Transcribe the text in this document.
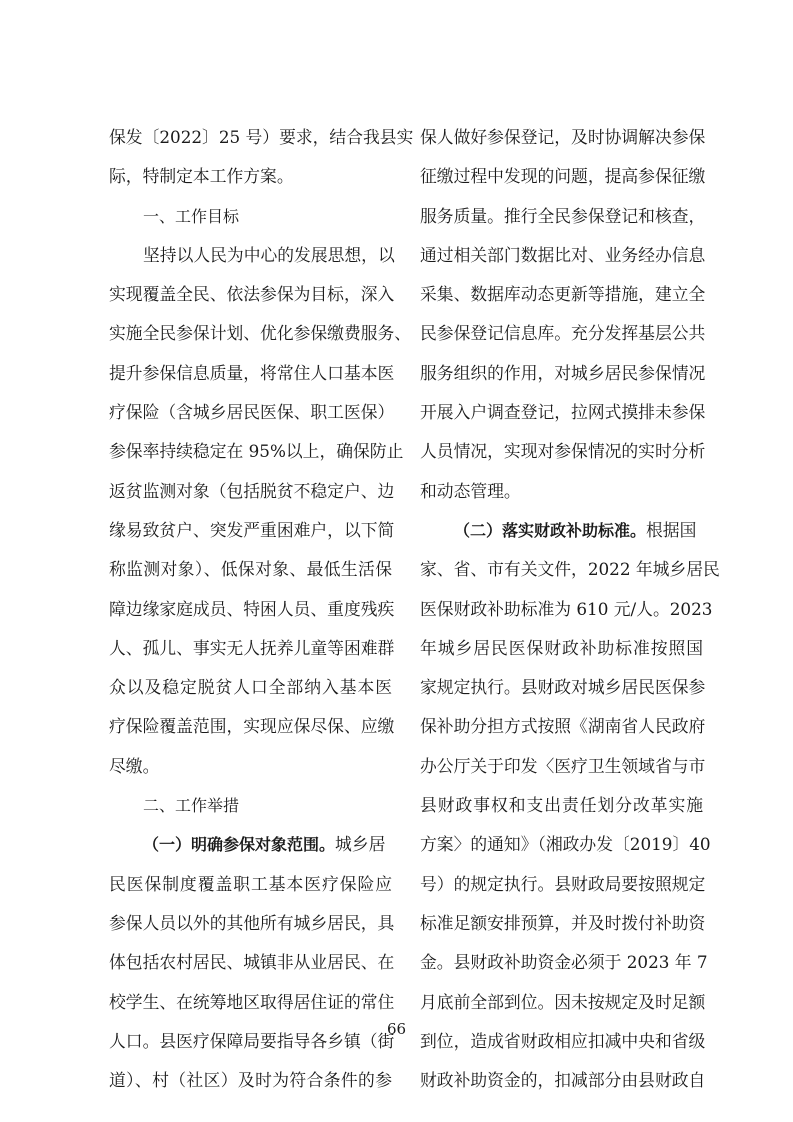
保发〔2022〕25 号）要求，结合我县实
际，特制定本工作方案。
一、工作目标
坚持以人民为中心的发展思想，以
实现覆盖全民、依法参保为目标，深入
实施全民参保计划、优化参保缴费服务、
提升参保信息质量，将常住人口基本医
疗保险（含城乡居民医保、职工医保）
参保率持续稳定在 95%以上，确保防止
返贫监测对象（包括脱贫不稳定户、边
缘易致贫户、突发严重困难户，以下简
称监测对象）、低保对象、最低生活保
障边缘家庭成员、特困人员、重度残疾
人、孤儿、事实无人抚养儿童等困难群
众以及稳定脱贫人口全部纳入基本医
疗保险覆盖范围，实现应保尽保、应缴
尽缴。
二、工作举措
（一）明确参保对象范围。城乡居
民医保制度覆盖职工基本医疗保险应
参保人员以外的其他所有城乡居民，具
体包括农村居民、城镇非从业居民、在
校学生、在统筹地区取得居住证的常住
人口。县医疗保障局要指导各乡镇（街
道）、村（社区）及时为符合条件的参
保人做好参保登记，及时协调解决参保
征缴过程中发现的问题，提高参保征缴
服务质量。推行全民参保登记和核查，
通过相关部门数据比对、业务经办信息
采集、数据库动态更新等措施，建立全
民参保登记信息库。充分发挥基层公共
服务组织的作用，对城乡居民参保情况
开展入户调查登记，拉网式摸排未参保
人员情况，实现对参保情况的实时分析
和动态管理。
（二）落实财政补助标准。根据国
家、省、市有关文件，2022 年城乡居民
医保财政补助标准为 610 元/人。2023
年城乡居民医保财政补助标准按照国
家规定执行。县财政对城乡居民医保参
保补助分担方式按照《湖南省人民政府
办公厅关于印发〈医疗卫生领域省与市
县财政事权和支出责任划分改革实施
方案〉的通知》（湘政办发〔2019〕40
号）的规定执行。县财政局要按照规定
标准足额安排预算，并及时拨付补助资
金。县财政补助资金必须于 2023 年 7
月底前全部到位。因未按规定及时足额
到位，造成省财政相应扣减中央和省级
财政补助资金的，扣减部分由县财政自
66
